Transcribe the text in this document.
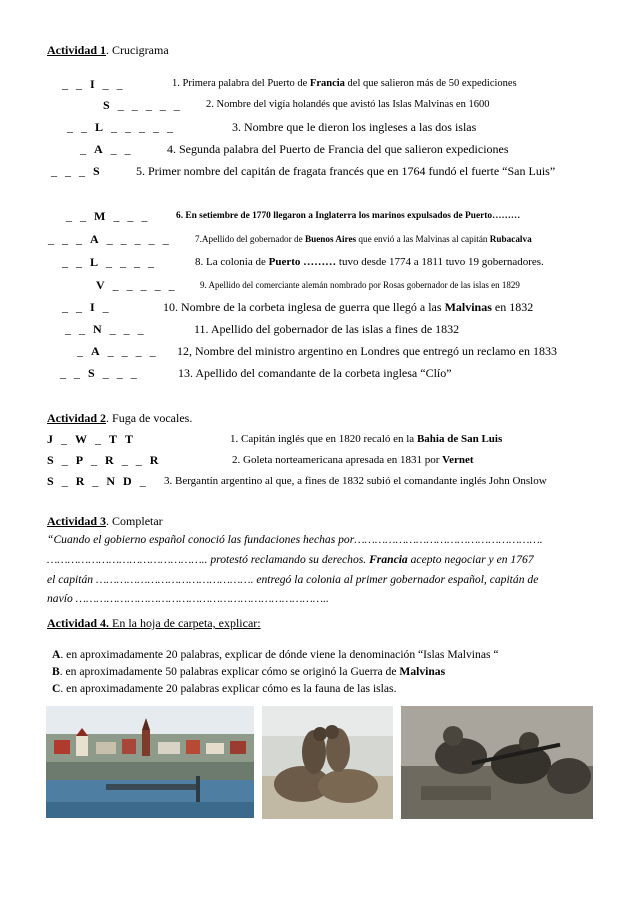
Actividad 1. Crucigrama
_ _ I _ _	1. Primera palabra del Puerto de Francia del que salieron más de 50 expediciones
S _ _ _ _ _	2. Nombre del vigía holandés que avistó las Islas Malvinas en 1600
_ _ L _ _ _ _ _	3. Nombre que le dieron los ingleses a las dos islas
_ A _ _	4. Segunda palabra del Puerto de Francia del que salieron expediciones
_ _ _ S	5. Primer nombre del capitán de fragata francés que en 1764 fundó el fuerte “San Luis”
_ _ M _ _ _	6. En setiembre de 1770 llegaron a Inglaterra los marinos expulsados de Puerto………
_ _ _ A _ _ _ _ _	7.Apellido del gobernador de Buenos Aires que envió a las Malvinas al capitán Rubacalva
_ _ L _ _ _ _	8. La colonia de Puerto ……… tuvo desde 1774 a 1811 tuvo 19 gobernadores.
V _ _ _ _ _	9. Apellido del comerciante alemán nombrado por Rosas gobernador de las islas en 1829
_ _ I _	10. Nombre de la corbeta inglesa de guerra que llegó a las Malvinas en 1832
_ _ N _ _ _	11. Apellido del gobernador de las islas a fines de 1832
_ A _ _ _ _	12, Nombre del ministro argentino en Londres que entregó un reclamo en 1833
_ _ S _ _ _	13. Apellido del comandante de la corbeta inglesa “Clío”
Actividad 2. Fuga de vocales.
J _ W _ T T	1. Capitán inglés que en 1820 recaló en la Bahia de San Luis
S _ P _ R _ _ R	2. Goleta norteamericana apresada en 1831 por Vernet
S _ R _ N D _	3. Bergantín argentino al que, a fines de 1832 subió el comandante inglés John Onslow
Actividad 3. Completar
“Cuando el gobierno español conoció las fundaciones hechas por……………………………………………….
……………………………………….. protestó reclamando su derechos. Francia acepto negociar y en 1767
el capitán ………………………………………. entregó la colonia al primer gobernador español, capitán de
navío ………………………………………………………………..
Actividad 4. En la hoja de carpeta, explicar:
A. en aproximadamente 20 palabras, explicar de dónde viene la denominación “Islas Malvinas “
B. en aproximadamente 50 palabras explicar cómo se originó la Guerra de Malvinas
C. en aproximadamente 20 palabras explicar cómo es la fauna de las islas.
